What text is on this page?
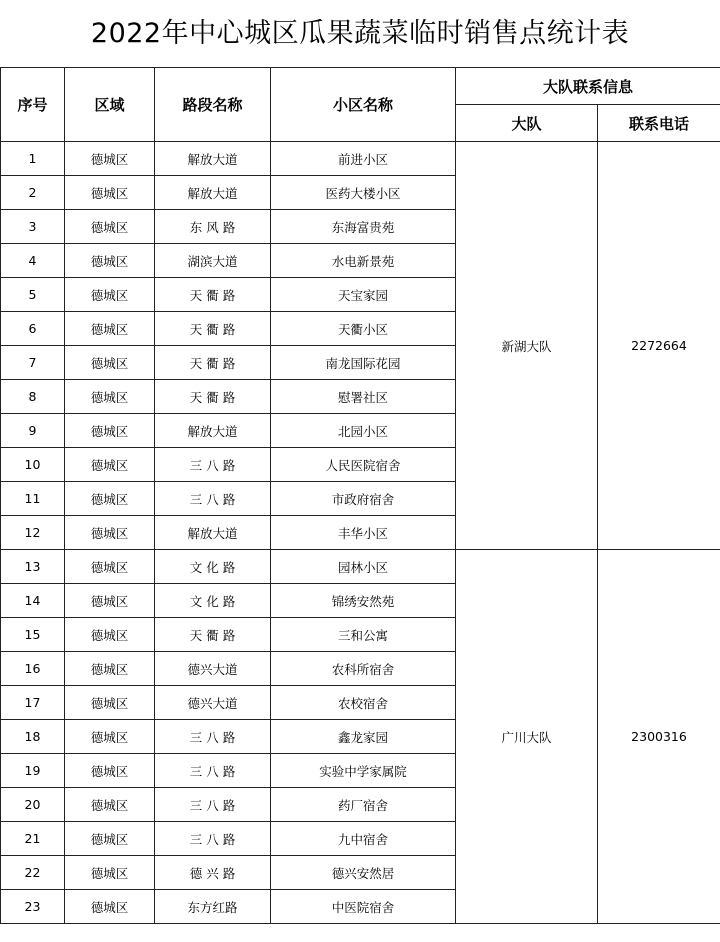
2022年中心城区瓜果蔬菜临时销售点统计表
序号	区域	路段名称	小区名称	大队联系信息	
				大队	联系电话
1	德城区	解放大道	前进小区	新湖大队	2272664
2	德城区	解放大道	医药大楼小区		
3	德城区	东 风 路	东海富贵苑		
4	德城区	湖滨大道	水电新景苑		
5	德城区	天 衢 路	天宝家园		
6	德城区	天 衢 路	天衢小区		
7	德城区	天 衢 路	南龙国际花园		
8	德城区	天 衢 路	慰署社区		
9	德城区	解放大道	北园小区		
10	德城区	三 八 路	人民医院宿舍		
11	德城区	三 八 路	市政府宿舍		
12	德城区	解放大道	丰华小区		
13	德城区	文 化 路	园林小区	广川大队	2300316
14	德城区	文 化 路	锦绣安然苑		
15	德城区	天 衢 路	三和公寓		
16	德城区	德兴大道	农科所宿舍		
17	德城区	德兴大道	农校宿舍		
18	德城区	三 八 路	鑫龙家园		
19	德城区	三 八 路	实验中学家属院		
20	德城区	三 八 路	药厂宿舍		
21	德城区	三 八 路	九中宿舍		
22	德城区	德 兴 路	德兴安然居		
23	德城区	东方红路	中医院宿舍		
